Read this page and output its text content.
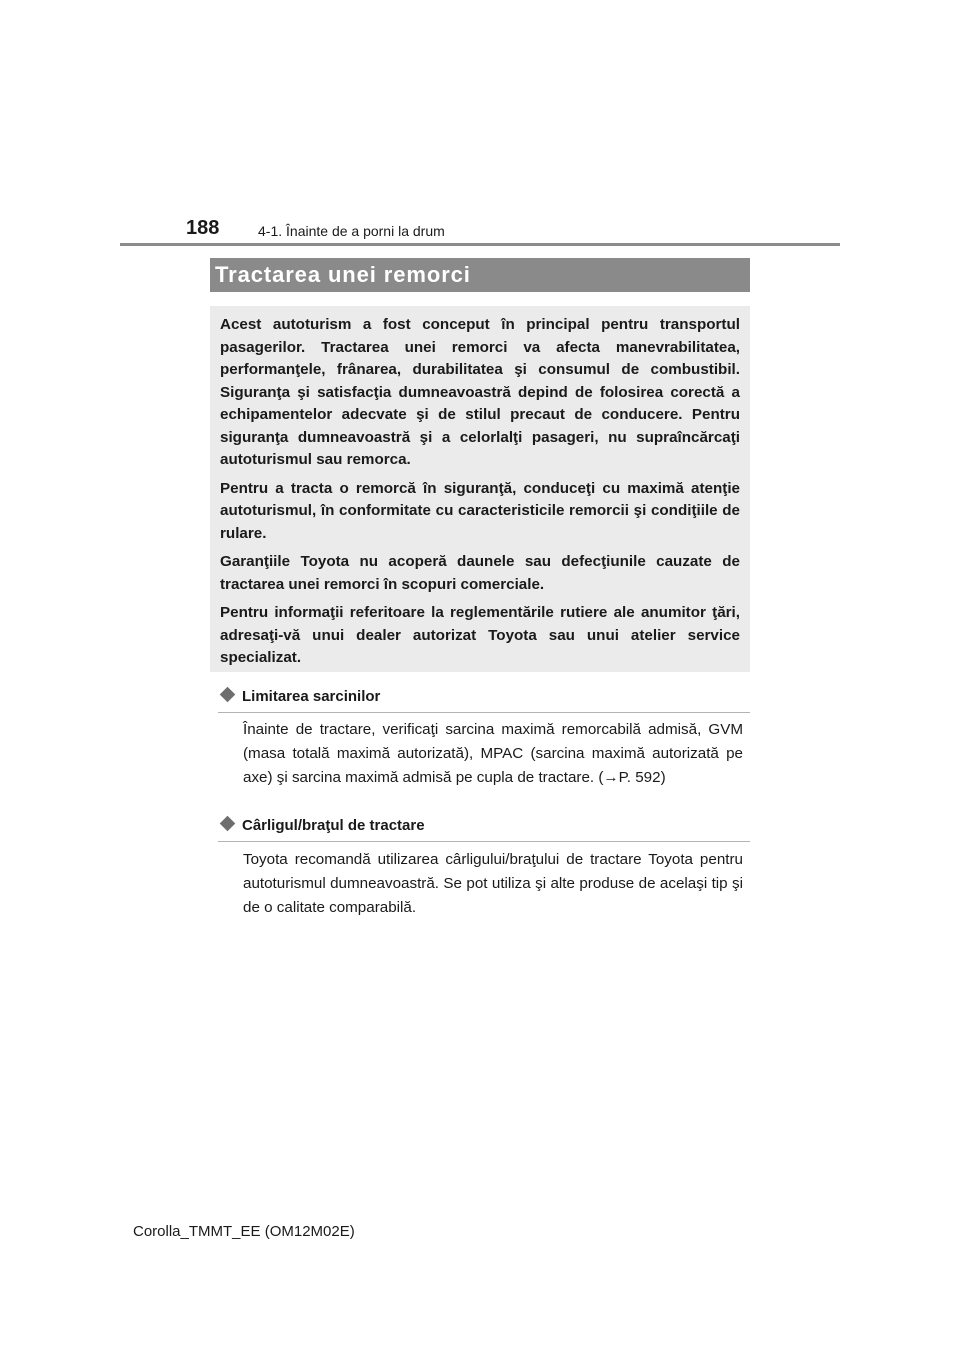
188	4-1. Înainte de a porni la drum
Tractarea unei remorci

Acest autoturism a fost conceput în principal pentru transportul pasagerilor. Tractarea unei remorci va afecta manevrabilitatea, performanţele, frânarea, durabilitatea şi consumul de combustibil. Siguranţa şi satisfacţia dumneavoastră depind de folosirea corectă a echipamentelor adecvate şi de stilul precaut de conducere. Pentru siguranţa dumneavoastră şi a celorlalţi pasageri, nu supraîncărcaţi autoturismul sau remorca.

Pentru a tracta o remorcă în siguranţă, conduceţi cu maximă atenţie autoturismul, în conformitate cu caracteristicile remorcii şi condiţiile de rulare.

Garanţiile Toyota nu acoperă daunele sau defecţiunile cauzate de tractarea unei remorci în scopuri comerciale.

Pentru informaţii referitoare la reglementările rutiere ale anumitor ţări, adresaţi-vă unui dealer autorizat Toyota sau unui atelier service specializat.

Limitarea sarcinilor

Înainte de tractare, verificaţi sarcina maximă remorcabilă admisă, GVM (masa totală maximă autorizată), MPAC (sarcina maximă autorizată pe axe) şi sarcina maximă admisă pe cupla de tractare. (→P. 592)

Cârligul/braţul de tractare

Toyota recomandă utilizarea cârligului/braţului de tractare Toyota pentru autoturismul dumneavoastră. Se pot utiliza şi alte produse de acelaşi tip şi de o calitate comparabilă.

Corolla_TMMT_EE (OM12M02E)
